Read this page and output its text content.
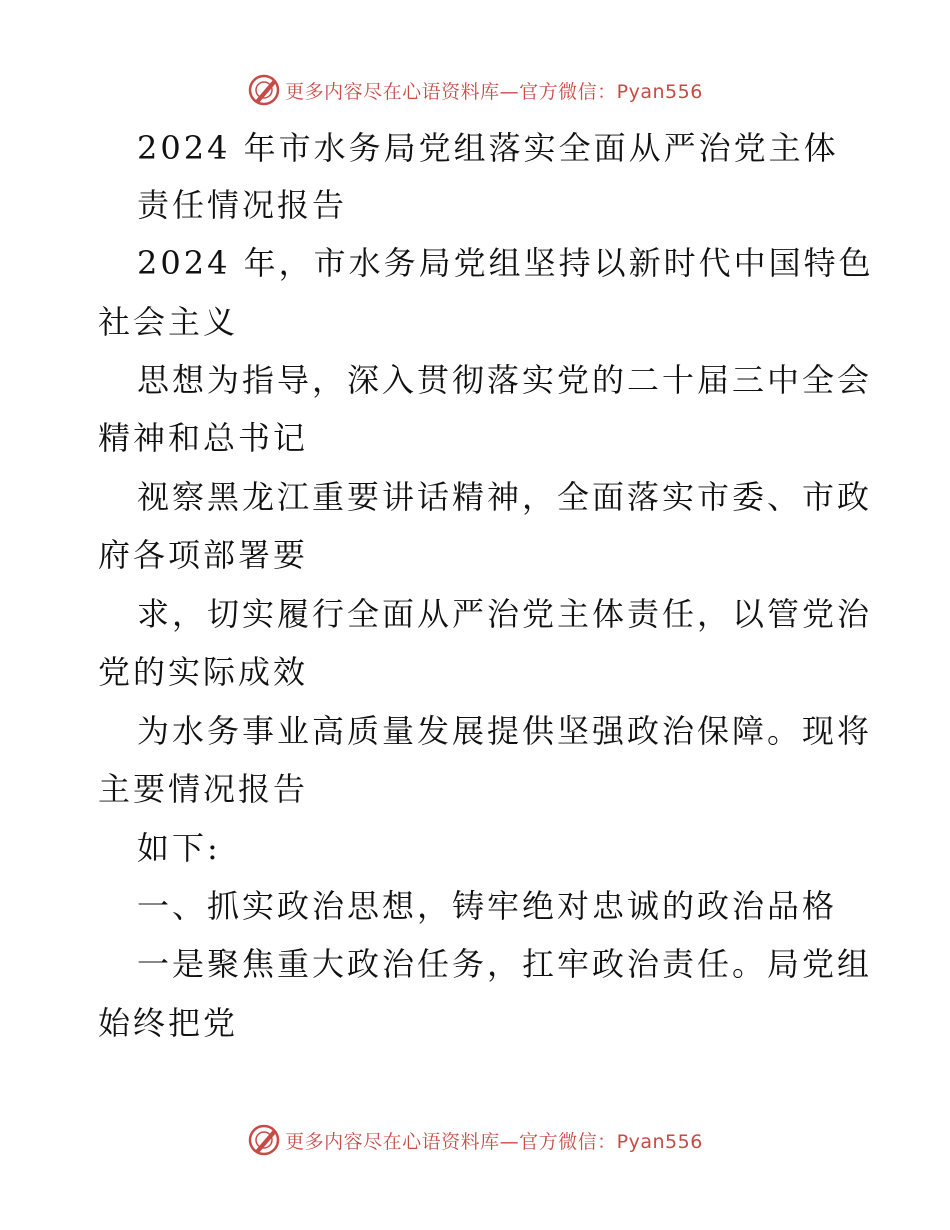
更多内容尽在心语资料库—官方微信：Pyan556
2024 年市水务局党组落实全面从严治党主体
责任情况报告
2024 年，市水务局党组坚持以新时代中国特色
社会主义
思想为指导，深入贯彻落实党的二十届三中全会
精神和总书记
视察黑龙江重要讲话精神，全面落实市委、市政
府各项部署要
求，切实履行全面从严治党主体责任，以管党治
党的实际成效
为水务事业高质量发展提供坚强政治保障。现将
主要情况报告
如下:
一、抓实政治思想，铸牢绝对忠诚的政治品格
一是聚焦重大政治任务，扛牢政治责任。局党组
始终把党
更多内容尽在心语资料库—官方微信：Pyan556
